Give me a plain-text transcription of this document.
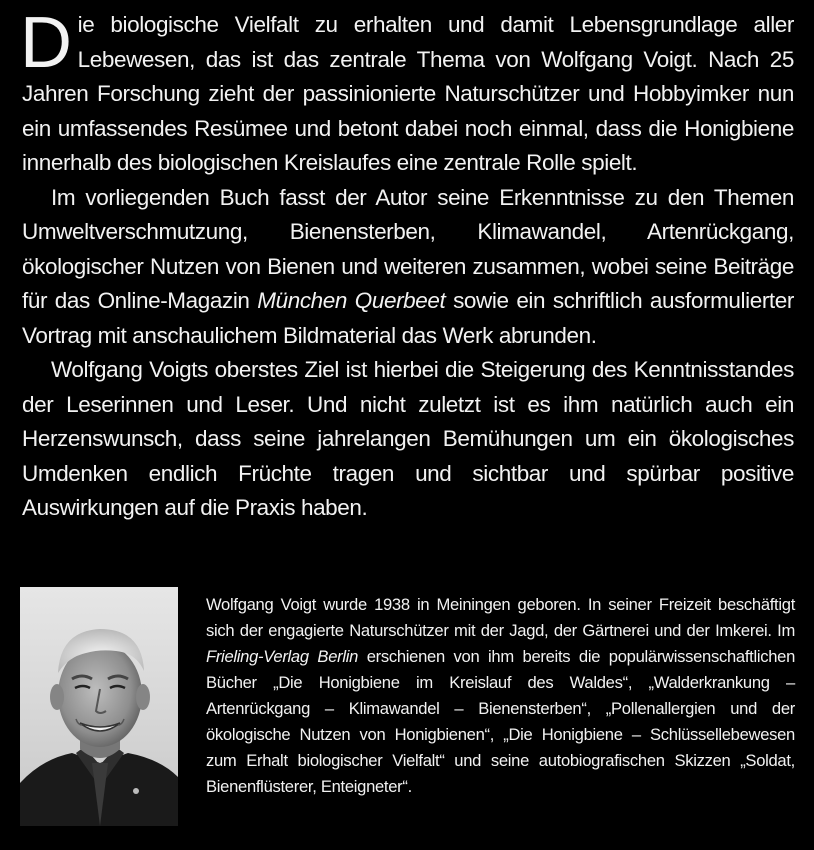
Die biologische Vielfalt zu erhalten und damit Lebensgrundlage aller Lebewesen, das ist das zentrale Thema von Wolfgang Voigt. Nach 25 Jahren Forschung zieht der passinionierte Naturschützer und Hobbyimker nun ein umfassendes Resümee und betont dabei noch einmal, dass die Honigbiene innerhalb des biologischen Kreislaufes eine zentrale Rolle spielt.

Im vorliegenden Buch fasst der Autor seine Erkenntnisse zu den Themen Umweltverschmutzung, Bienensterben, Klimawandel, Artenrückgang, ökologischer Nutzen von Bienen und weiteren zusammen, wobei seine Beiträge für das Online-Magazin München Querbeet sowie ein schriftlich ausformulierter Vortrag mit anschaulichem Bildmaterial das Werk abrunden.

Wolfgang Voigts oberstes Ziel ist hierbei die Steigerung des Kenntnisstandes der Leserinnen und Leser. Und nicht zuletzt ist es ihm natürlich auch ein Herzenswunsch, dass seine jahrelangen Bemühungen um ein ökologisches Umdenken endlich Früchte tragen und sichtbar und spürbar positive Auswirkungen auf die Praxis haben.

Wolfgang Voigt wurde 1938 in Meiningen geboren. In seiner Freizeit beschäftigt sich der engagierte Naturschützer mit der Jagd, der Gärtnerei und der Imkerei. Im Frieling-Verlag Berlin erschienen von ihm bereits die populärwissenschaftlichen Bücher „Die Honigbiene im Kreislauf des Waldes“, „Walderkrankung – Artenrückgang – Klimawandel – Bienensterben“, „Pollenallergien und der ökologische Nutzen von Honigbienen“, „Die Honigbiene – Schlüssellebewesen zum Erhalt biologischer Vielfalt“ und seine autobiografischen Skizzen „Soldat, Bienenflüsterer, Enteigneter“.
